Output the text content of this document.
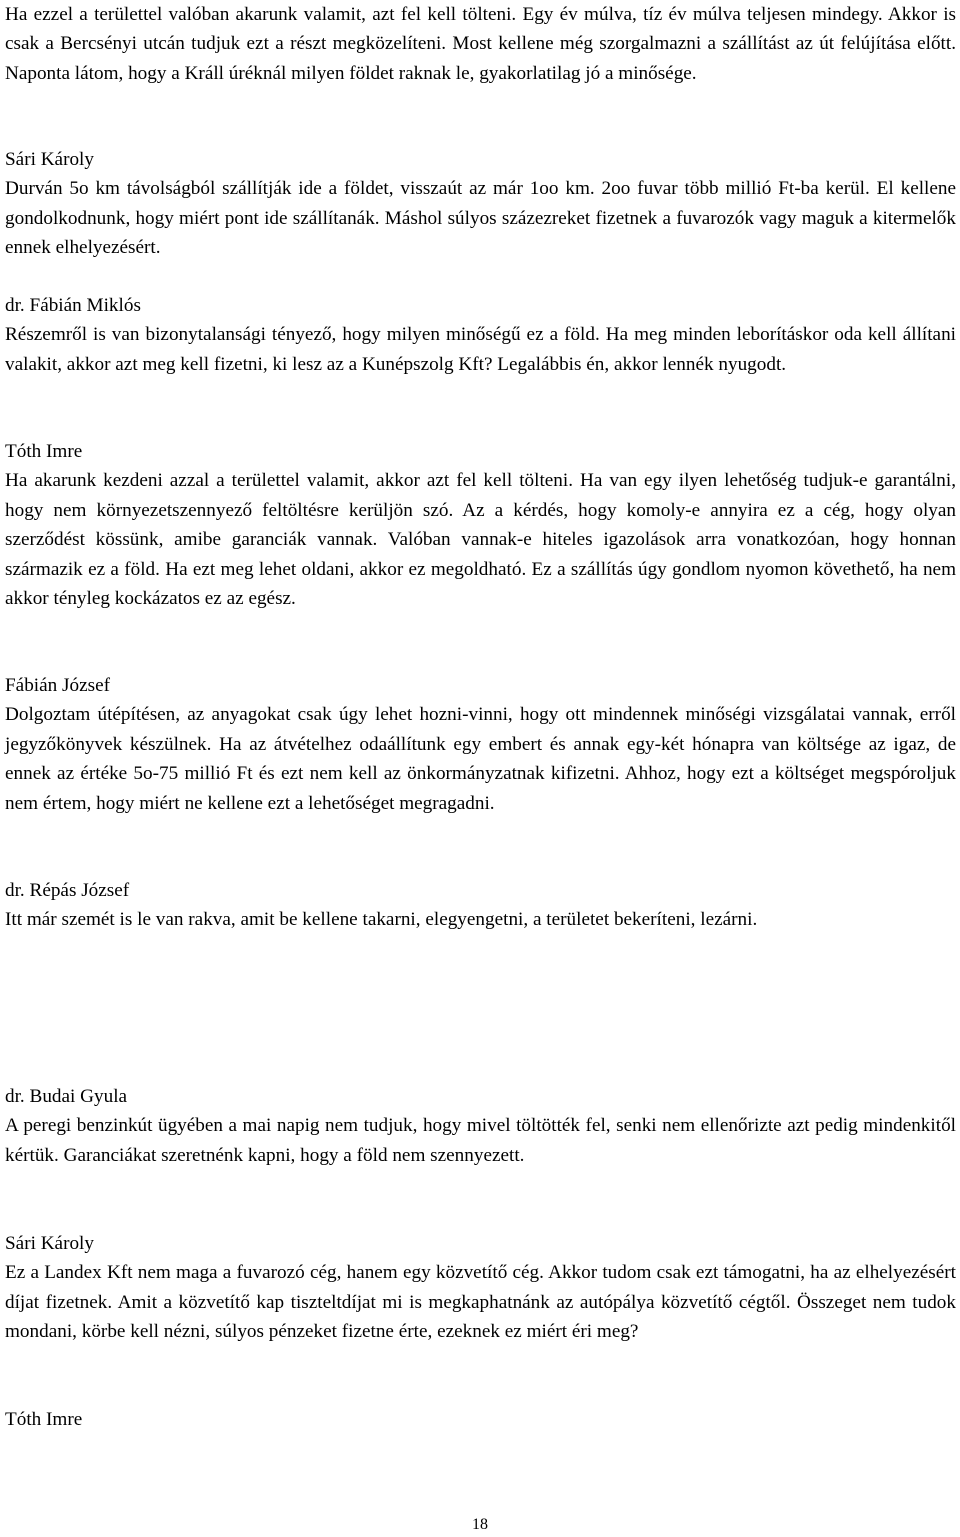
Ha ezzel a területtel valóban akarunk valamit, azt fel kell tölteni. Egy év múlva, tíz év múlva teljesen mindegy. Akkor is csak a Bercsényi utcán tudjuk ezt a részt megközelíteni. Most kellene még szorgalmazni a szállítást az út felújítása előtt. Naponta látom, hogy a Králl úréknál milyen földet raknak le, gyakorlatilag jó a minősége.

Sári Károly

Durván 5o km távolságból szállítják ide a földet, visszaút az már 1oo km. 2oo fuvar több millió Ft-ba kerül. El kellene gondolkodnunk, hogy miért pont ide szállítanák. Máshol súlyos százezreket fizetnek a fuvarozók vagy maguk a kitermelők ennek elhelyezésért.

dr. Fábián Miklós

Részemről is van bizonytalansági tényező, hogy milyen minőségű ez a föld. Ha meg minden leborításkor oda kell állítani valakit, akkor azt meg kell fizetni, ki lesz az a Kunépszolg Kft? Legalábbis én, akkor lennék nyugodt.

Tóth Imre

Ha akarunk kezdeni azzal a területtel valamit, akkor azt fel kell tölteni. Ha van egy ilyen lehetőség tudjuk-e garantálni, hogy nem környezetszennyező feltöltésre kerüljön szó. Az a kérdés, hogy komoly-e annyira ez a cég, hogy olyan szerződést kössünk, amibe garanciák vannak. Valóban vannak-e hiteles igazolások arra vonatkozóan, hogy honnan származik ez a föld. Ha ezt meg lehet oldani, akkor ez megoldható. Ez a szállítás úgy gondlom nyomon követhető, ha nem akkor tényleg kockázatos ez az egész.

Fábián József

Dolgoztam útépítésen, az anyagokat csak úgy lehet hozni-vinni, hogy ott mindennek minőségi vizsgálatai vannak, erről jegyzőkönyvek készülnek. Ha az átvételhez odaállítunk egy embert és annak egy-két hónapra van költsége az igaz, de ennek az értéke 5o-75 millió Ft és ezt nem kell az önkormányzatnak kifizetni. Ahhoz, hogy ezt a költséget megspóroljuk nem értem, hogy miért ne kellene ezt a lehetőséget megragadni.

dr. Répás József

Itt már szemét is le van rakva, amit be kellene takarni, elegyengetni, a területet bekeríteni, lezárni.

dr. Budai Gyula

A peregi benzinkút ügyében a mai napig nem tudjuk, hogy mivel töltötték fel, senki nem ellenőrizte azt pedig mindenkitől kértük. Garanciákat szeretnénk kapni, hogy a föld nem szennyezett.

Sári Károly

Ez a Landex Kft nem maga a fuvarozó cég, hanem egy közvetítő cég. Akkor tudom csak ezt támogatni, ha az elhelyezésért díjat fizetnek. Amit a közvetítő kap tiszteltdíjat mi is megkaphatnánk az autópálya közvetítő cégtől. Összeget nem tudok mondani, körbe kell nézni, súlyos pénzeket fizetne érte, ezeknek ez miért éri meg?

Tóth Imre
18
